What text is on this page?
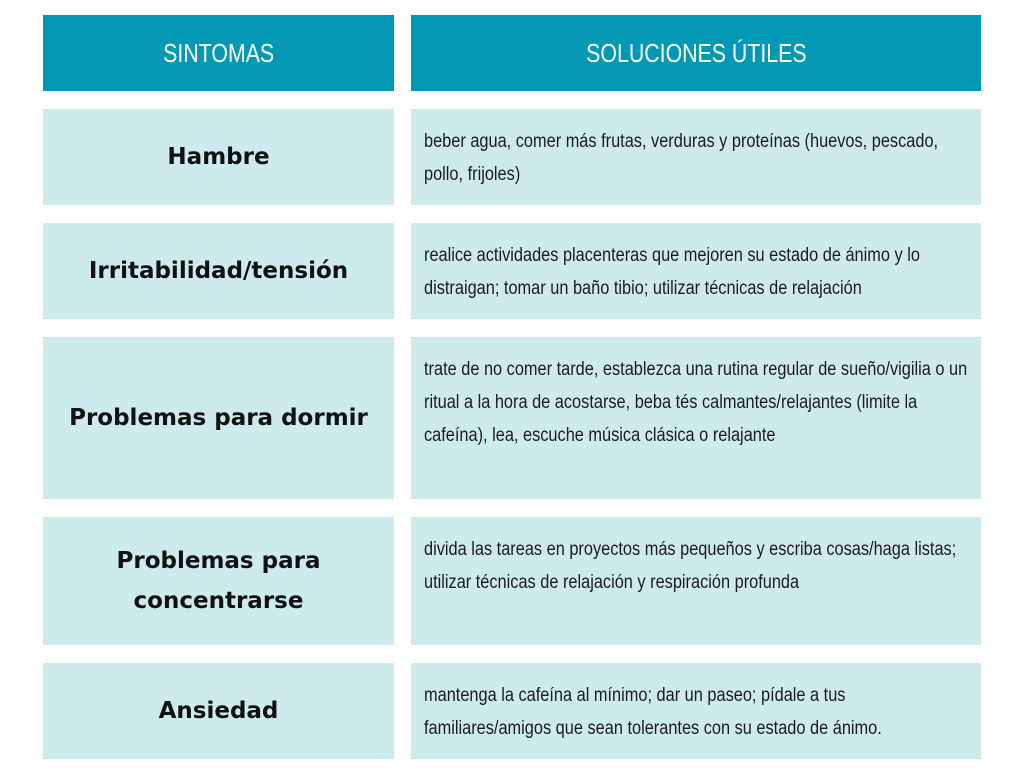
SINTOMAS	SOLUCIONES ÚTILES
Hambre
beber agua, comer más frutas, verduras y proteínas (huevos, pescado, pollo, frijoles)
Irritabilidad/tensión
realice actividades placenteras que mejoren su estado de ánimo y lo distraigan; tomar un baño tibio; utilizar técnicas de relajación
Problemas para dormir
trate de no comer tarde, establezca una rutina regular de sueño/vigilia o un ritual a la hora de acostarse, beba tés calmantes/relajantes (limite la cafeína), lea, escuche música clásica o relajante
Problemas para concentrarse
divida las tareas en proyectos más pequeños y escriba cosas/haga listas; utilizar técnicas de relajación y respiración profunda
Ansiedad
mantenga la cafeína al mínimo; dar un paseo; pídale a tus familiares/amigos que sean tolerantes con su estado de ánimo.
